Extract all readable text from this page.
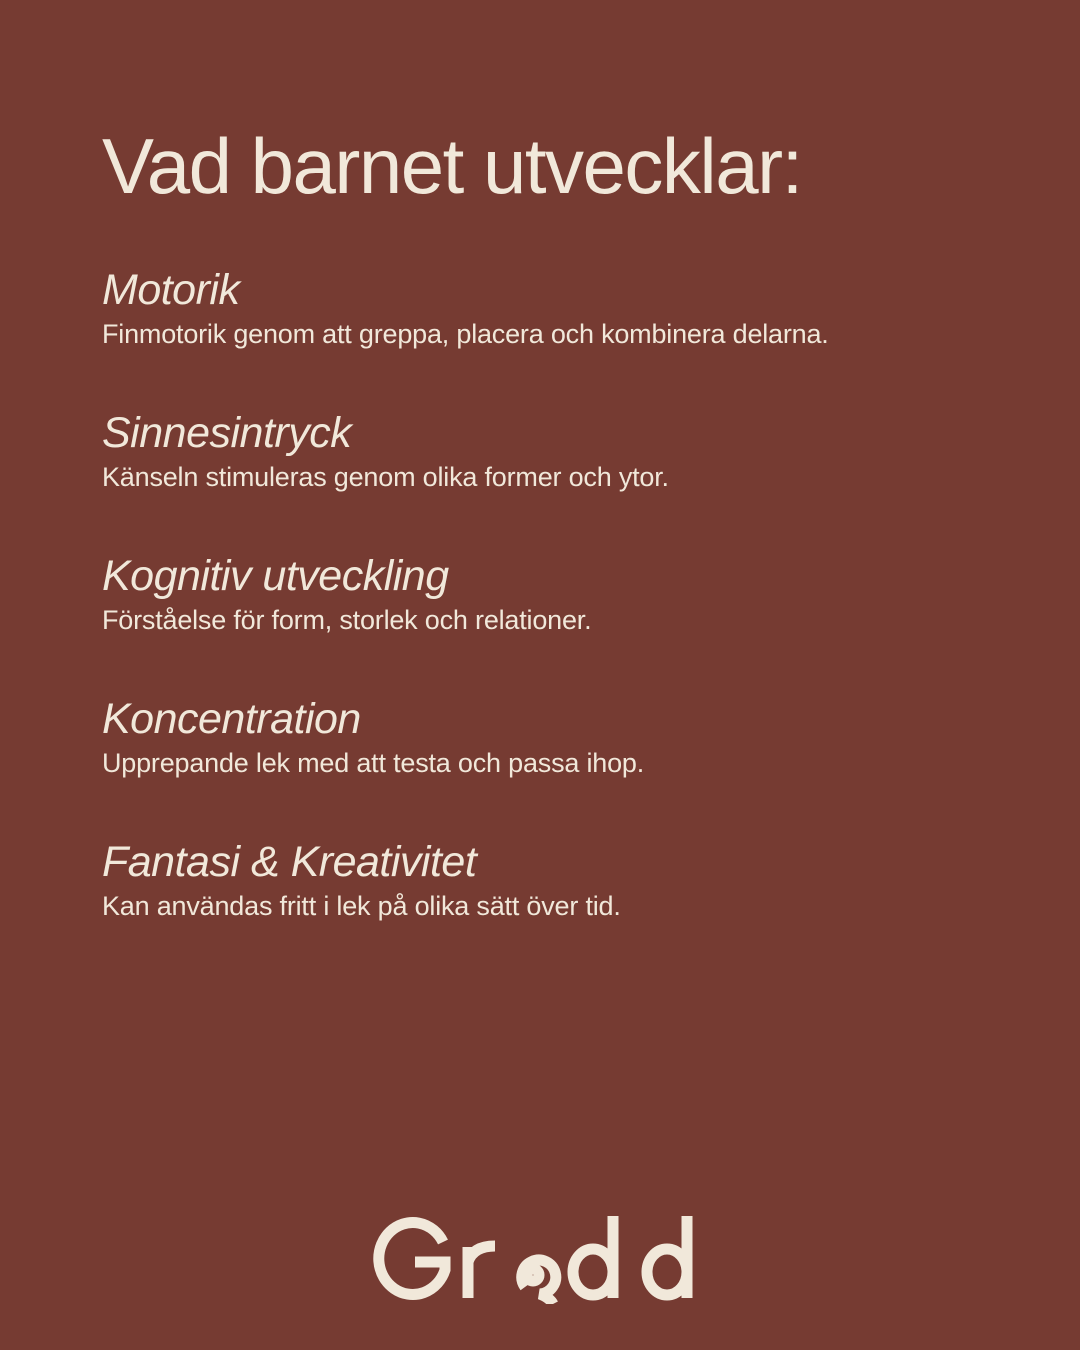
Vad barnet utvecklar:
Motorik
Finmotorik genom att greppa, placera och kombinera delarna.
Sinnesintryck
Känseln stimuleras genom olika former och ytor.
Kognitiv utveckling
Förståelse för form, storlek och relationer.
Koncentration
Upprepande lek med att testa och passa ihop.
Fantasi & Kreativitet
Kan användas fritt i lek på olika sätt över tid.
